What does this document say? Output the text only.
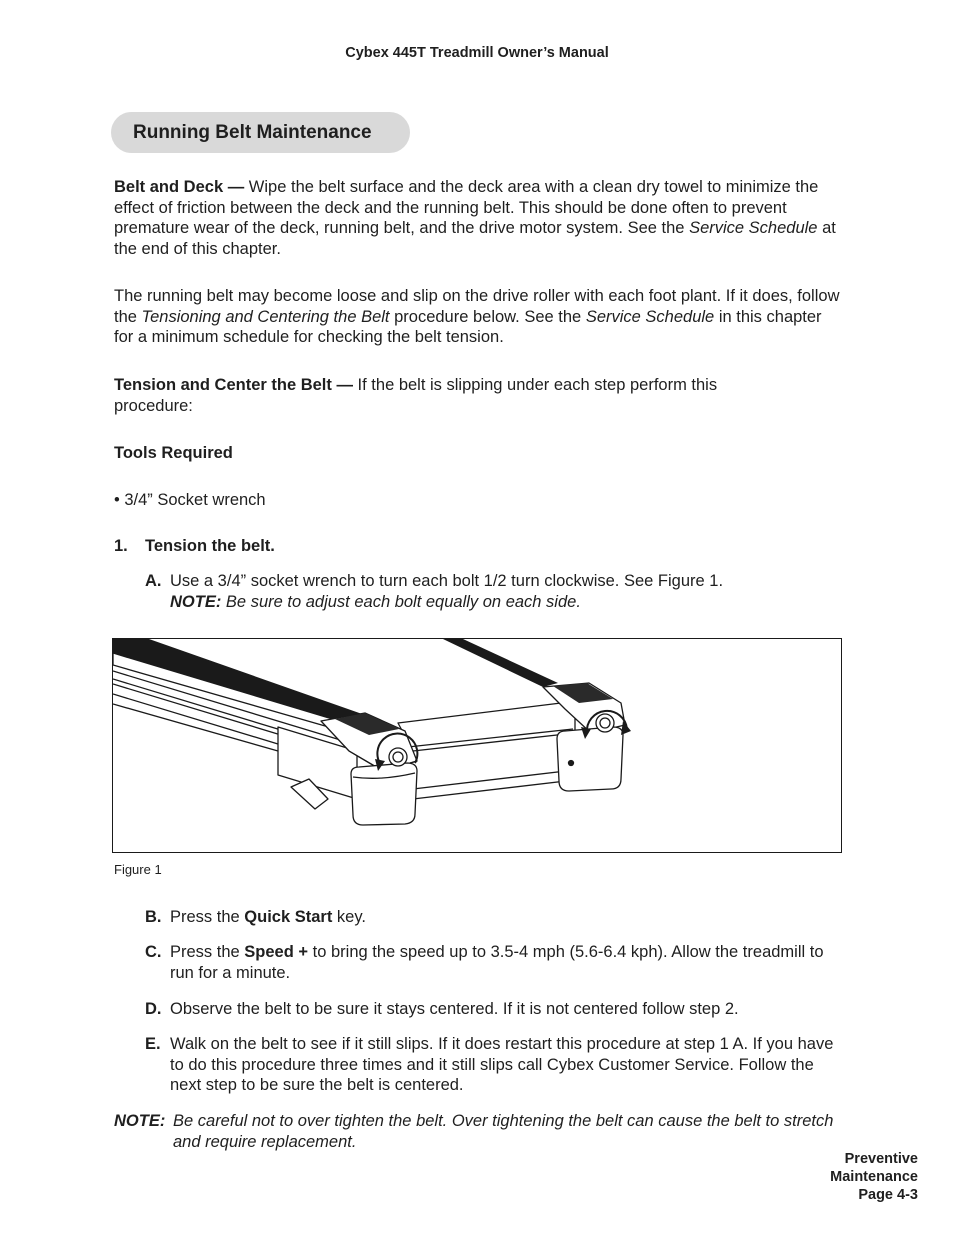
Cybex 445T Treadmill Owner’s Manual
Running Belt Maintenance

Belt and Deck — Wipe the belt surface and the deck area with a clean dry towel to minimize the effect of friction between the deck and the running belt. This should be done often to prevent premature wear of the deck, running belt, and the drive motor system. See the Service Schedule at the end of this chapter.

The running belt may become loose and slip on the drive roller with each foot plant. If it does, follow the Tensioning and Centering the Belt procedure below. See the Service Schedule in this chapter for a minimum schedule for checking the belt tension.

Tension and Center the Belt — If the belt is slipping under each step perform this procedure:

Tools Required
• 3/4” Socket wrench
1. Tension the belt.
A. Use a 3/4” socket wrench to turn each bolt 1/2 turn clockwise. See Figure 1.
NOTE: Be sure to adjust each bolt equally on each side.

Figure 1
B. Press the Quick Start key.

C. Press the Speed + to bring the speed up to 3.5-4 mph (5.6-6.4 kph). Allow the treadmill to run for a minute.

D. Observe the belt to be sure it stays centered. If it is not centered follow step 2.

E. Walk on the belt to see if it still slips. If it does restart this procedure at step 1 A. If you have to do this procedure three times and it still slips call Cybex Customer Service. Follow the next step to be sure the belt is centered.

NOTE: Be careful not to over tighten the belt. Over tightening the belt can cause the belt to stretch and require replacement.

Preventive
Maintenance
Page 4-3
